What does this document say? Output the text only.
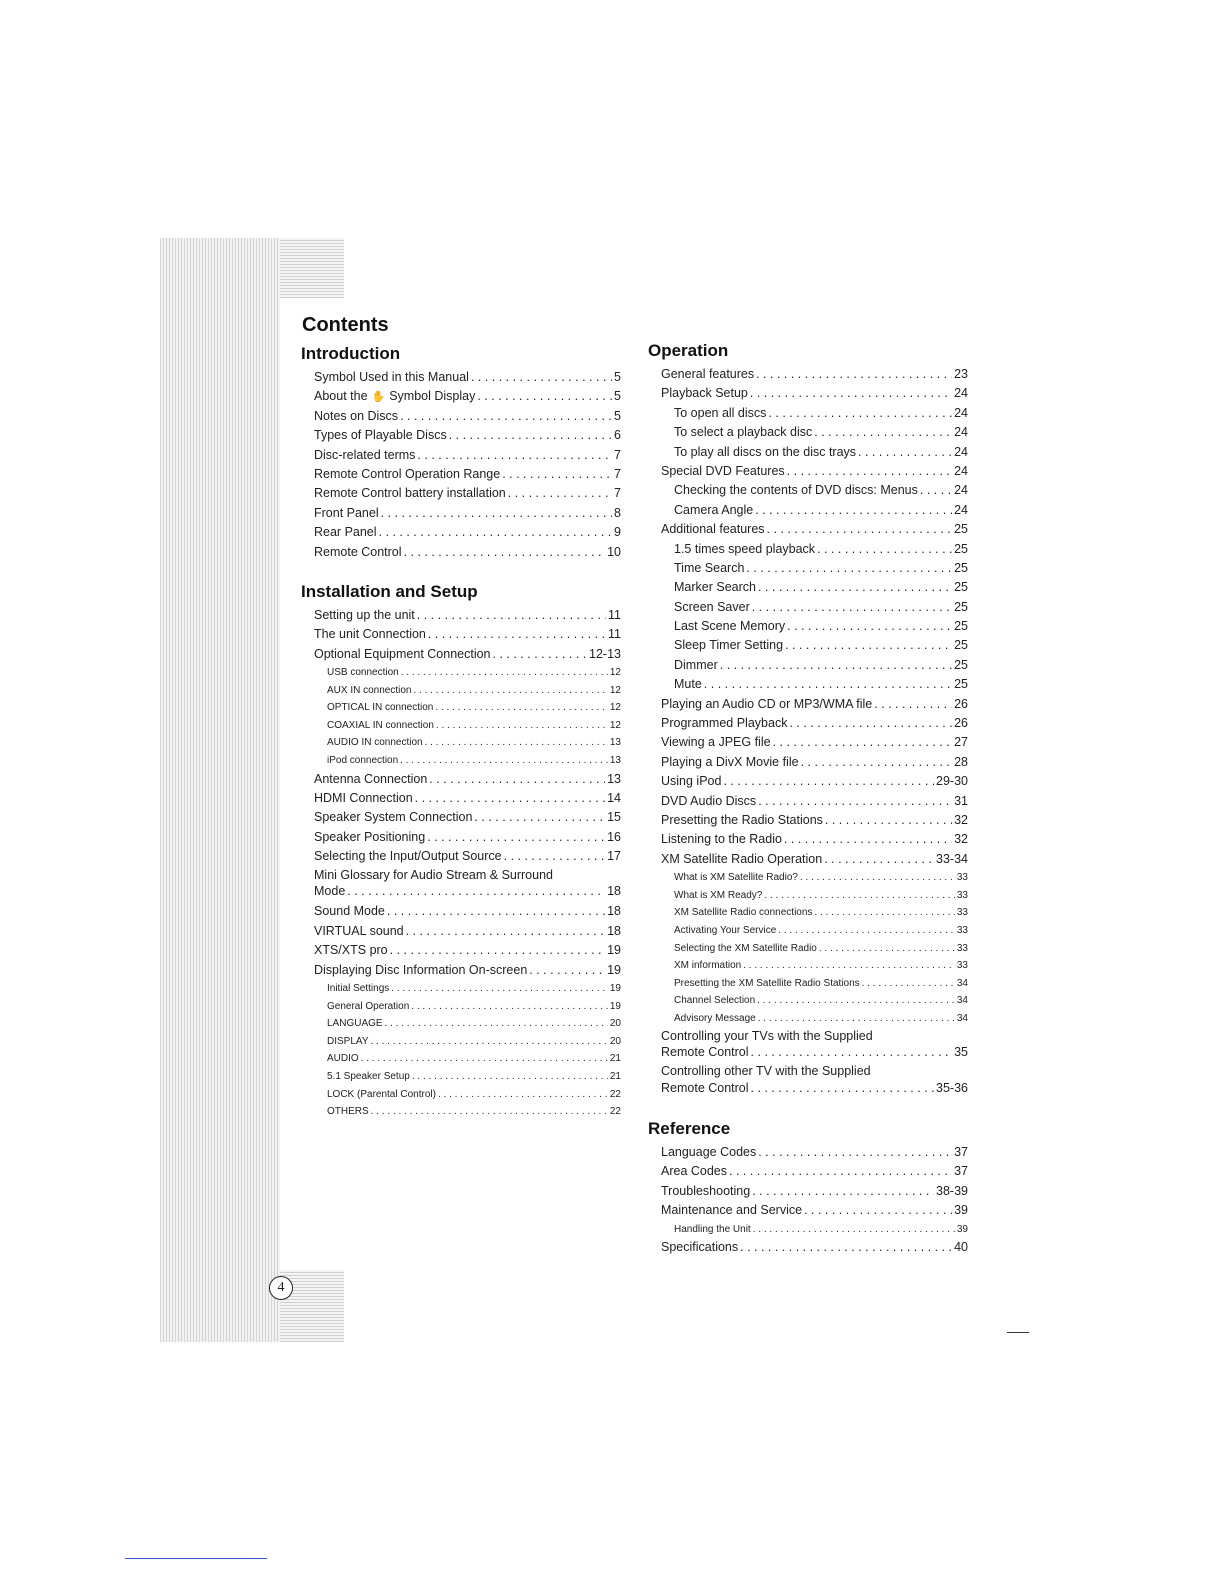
4
Contents
Introduction
Symbol Used in this Manual . . .	5
About the ✋ Symbol Display . . .	5
Notes on Discs . . .	5
Types of Playable Discs . . .	6
Disc-related terms . . .	7
Remote Control Operation Range . . .	7
Remote Control battery installation . . .	7
Front Panel . . .	8
Rear Panel . . .	9
Remote Control . . .	10
Installation and Setup
Setting up the unit . . .	11
The unit Connection . . .	11
Optional Equipment Connection . . .	12-13
USB connection . . .	12
AUX IN connection . . .	12
OPTICAL IN connection . . .	12
COAXIAL IN connection . . .	12
AUDIO IN connection . . .	13
iPod connection . . .	13
Antenna Connection . . .	13
HDMI Connection . . .	14
Speaker System Connection . . .	15
Speaker Positioning . . .	16
Selecting the Input/Output Source . . .	17
Mini Glossary for Audio Stream & Surround
Mode . . .	18
Sound Mode . . .	18
VIRTUAL sound . . .	18
XTS/XTS pro . . .	19
Displaying Disc Information On-screen . . .	19
Initial Settings . . .	19
General Operation . . .	19
LANGUAGE . . .	20
DISPLAY . . .	20
AUDIO . . .	21
5.1 Speaker Setup . . .	21
LOCK (Parental Control) . . .	22
OTHERS . . .	22
Operation
General features . . .	23
Playback Setup . . .	24
To open all discs . . .	24
To select a playback disc . . .	24
To play all discs on the disc trays . . .	24
Special DVD Features . . .	24
Checking the contents of DVD discs: Menus . . .	24
Camera Angle . . .	24
Additional features . . .	25
1.5 times speed playback . . .	25
Time Search . . .	25
Marker Search . . .	25
Screen Saver . . .	25
Last Scene Memory . . .	25
Sleep Timer Setting . . .	25
Dimmer . . .	25
Mute . . .	25
Playing an Audio CD or MP3/WMA file . . .	26
Programmed Playback . . .	26
Viewing a JPEG file . . .	27
Playing a DivX Movie file . . .	28
Using iPod . . .	29-30
DVD Audio Discs . . .	31
Presetting the Radio Stations . . .	32
Listening to the Radio . . .	32
XM Satellite Radio Operation . . .	33-34
What is XM Satellite Radio? . . .	33
What is XM Ready? . . .	33
XM Satellite Radio connections . . .	33
Activating Your Service . . .	33
Selecting the XM Satellite Radio . . .	33
XM information . . .	33
Presetting the XM Satellite Radio Stations . . .	34
Channel Selection . . .	34
Advisory Message . . .	34
Controlling your TVs with the Supplied
Remote Control . . .	35
Controlling other TV with the Supplied
Remote Control . . .	35-36
Reference
Language Codes . . .	37
Area Codes . . .	37
Troubleshooting . . .	38-39
Maintenance and Service . . .	39
Handling the Unit . . .	39
Specifications . . .	40
